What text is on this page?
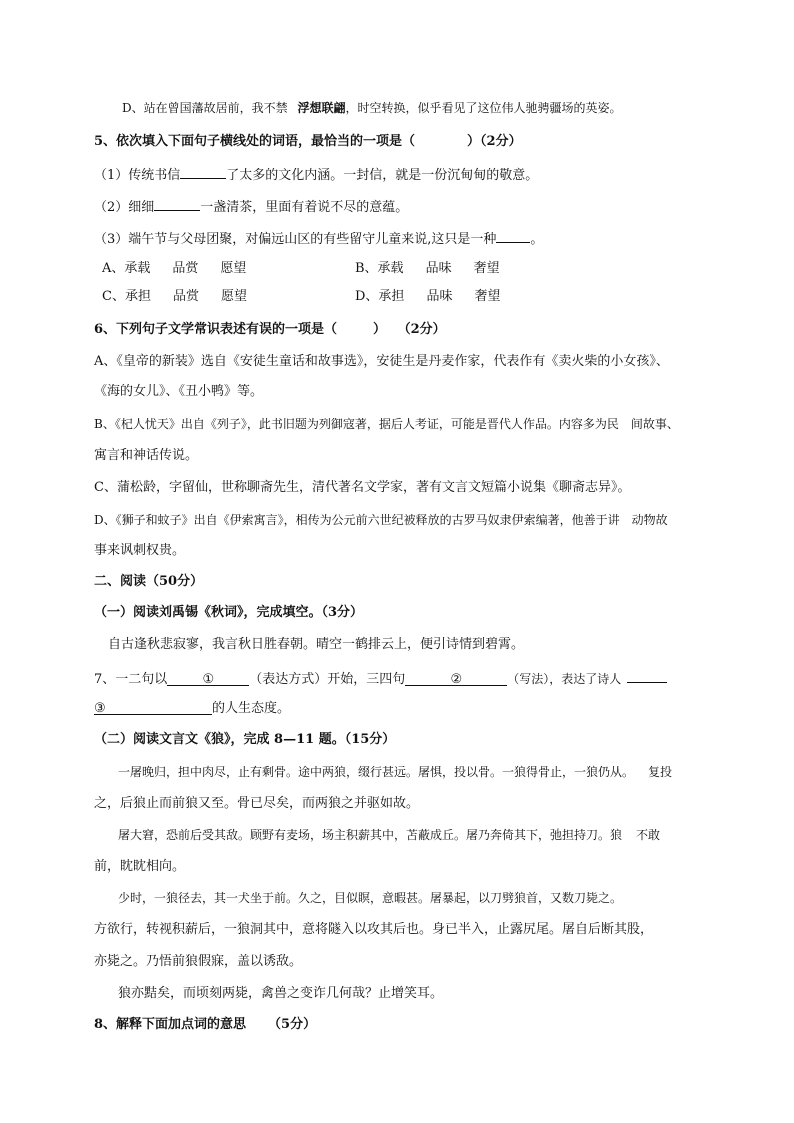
D、站在曾国藩故居前，我不禁 浮想联翩，时空转换，似乎看见了这位伟人驰骋疆场的英姿。
5、依次填入下面句子横线处的词语，最恰当的一项是（	）（2分）
（1）传统书信	了太多的文化内涵。一封信，就是一份沉甸甸的敬意。
（2）细细	一盏清茶，里面有着说不尽的意蕴。
（3）端午节与父母团聚，对偏远山区的有些留守儿童来说,这只是一种	。
A、承载 品赏 愿望	B、承载 品味 奢望
C、承担 品赏 愿望	D、承担 品味 奢望
6、下列句子文学常识表述有误的一项是（	） （2分）
A、《皇帝的新装》选自《安徒生童话和故事选》，安徒生是丹麦作家，代表作有《卖火柴的小女孩》、
《海的女儿》、《丑小鸭》等。
B、《杞人忧天》出自《列子》，此书旧题为列御寇著，据后人考证，可能是晋代人作品。内容多为民 间故事、
寓言和神话传说。
C、蒲松龄，字留仙，世称聊斋先生，清代著名文学家，著有文言文短篇小说集《聊斋志异》。
D、《狮子和蚊子》出自《伊索寓言》，相传为公元前六世纪被释放的古罗马奴隶伊索编著，他善于讲 动物故
事来讽刺权贵。
二、阅读（50分）
（一）阅读刘禹锡《秋词》，完成填空。（3分）
自古逢秋悲寂寥，我言秋日胜春朝。晴空一鹤排云上，便引诗情到碧霄。
7、一二句以	①	（表达方式）开始，三四句	②	（写法），表达了诗人
③	的人生态度。
（二）阅读文言文《狼》，完成 8—11 题。（15分）
一屠晚归，担中肉尽，止有剩骨。途中两狼，缀行甚远。屠惧，投以骨。一狼得骨止，一狼仍从。 复投
之，后狼止而前狼又至。骨已尽矣，而两狼之并驱如故。
屠大窘，恐前后受其敌。顾野有麦场，场主积薪其中，苫蔽成丘。屠乃奔倚其下，弛担持刀。狼 不敢
前，眈眈相向。
少时，一狼径去，其一犬坐于前。久之，目似瞑，意暇甚。屠暴起，以刀劈狼首，又数刀毙之。
方欲行，转视积薪后，一狼洞其中，意将隧入以攻其后也。身已半入，止露尻尾。屠自后断其股，
亦毙之。乃悟前狼假寐，盖以诱敌。
狼亦黠矣，而顷刻两毙，禽兽之变诈几何哉？止增笑耳。
8、解释下面加点词的意思 （5分）
